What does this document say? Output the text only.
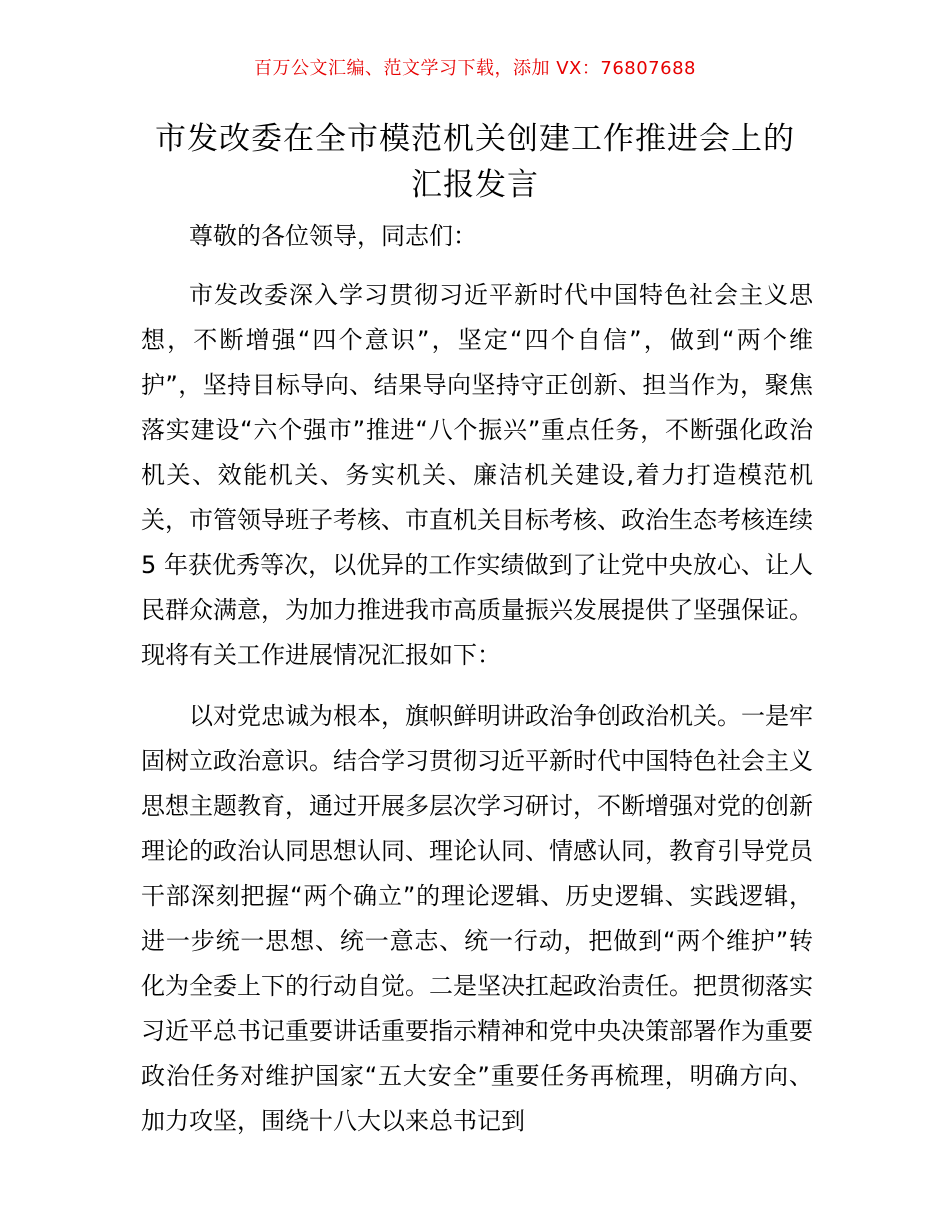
百万公文汇编、范文学习下载，添加 VX：76807688
市发改委在全市模范机关创建工作推进会上的汇报发言

尊敬的各位领导，同志们：

市发改委深入学习贯彻习近平新时代中国特色社会主义思想，不断增强“四个意识”，坚定“四个自信”，做到“两个维护”，坚持目标导向、结果导向坚持守正创新、担当作为，聚焦落实建设“六个强市”推进“八个振兴”重点任务，不断强化政治机关、效能机关、务实机关、廉洁机关建设,着力打造模范机关，市管领导班子考核、市直机关目标考核、政治生态考核连续 5 年获优秀等次，以优异的工作实绩做到了让党中央放心、让人民群众满意，为加力推进我市高质量振兴发展提供了坚强保证。现将有关工作进展情况汇报如下：

以对党忠诚为根本，旗帜鲜明讲政治争创政治机关。一是牢固树立政治意识。结合学习贯彻习近平新时代中国特色社会主义思想主题教育，通过开展多层次学习研讨，不断增强对党的创新理论的政治认同思想认同、理论认同、情感认同，教育引导党员干部深刻把握“两个确立”的理论逻辑、历史逻辑、实践逻辑，进一步统一思想、统一意志、统一行动，把做到“两个维护”转化为全委上下的行动自觉。二是坚决扛起政治责任。把贯彻落实习近平总书记重要讲话重要指示精神和党中央决策部署作为重要政治任务对维护国家“五大安全”重要任务再梳理，明确方向、加力攻坚，围绕十八大以来总书记到
